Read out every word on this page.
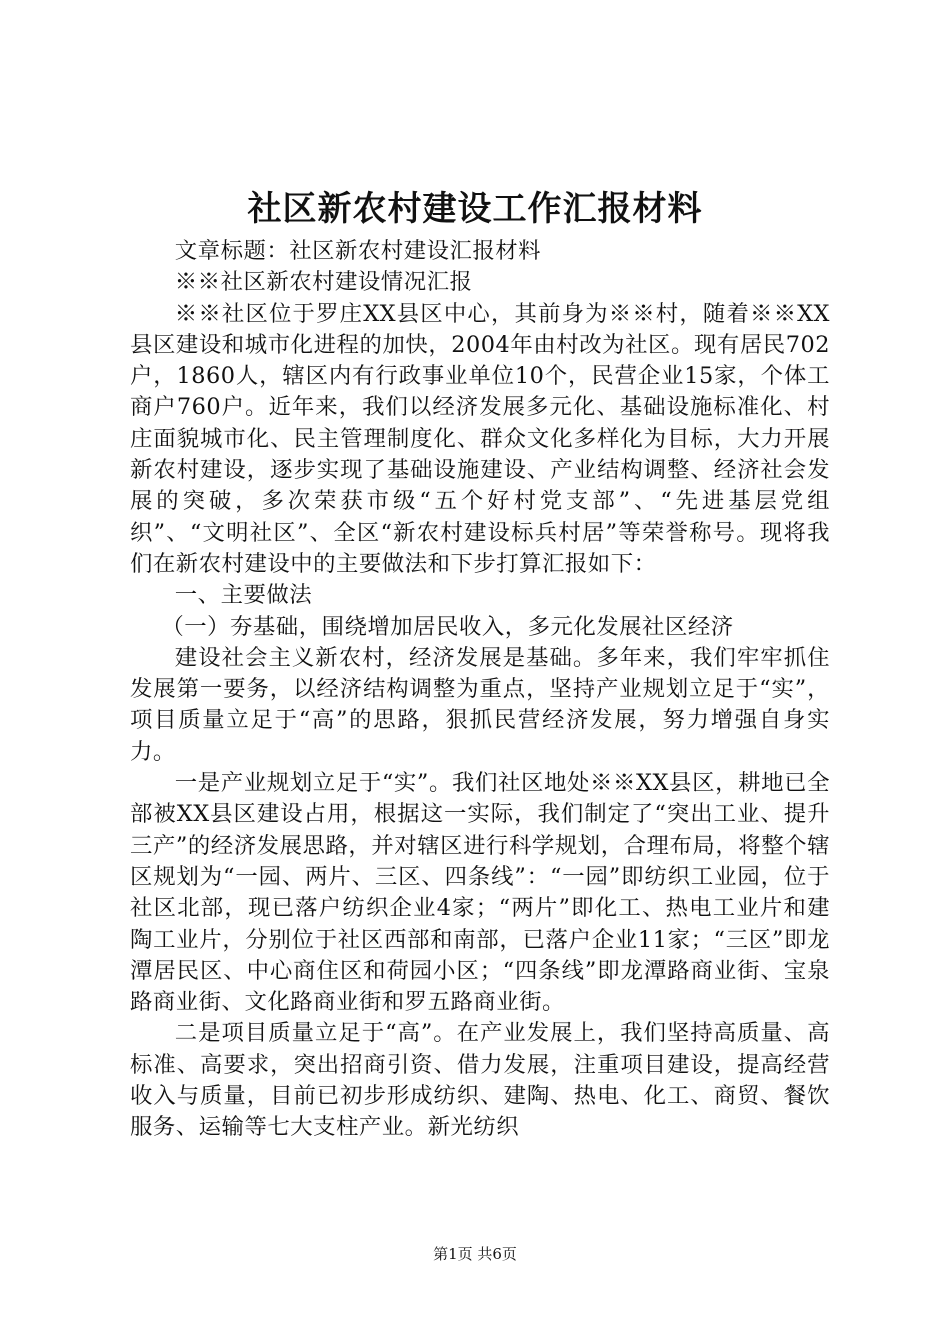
社区新农村建设工作汇报材料

文章标题：社区新农村建设汇报材料

※※社区新农村建设情况汇报

※※社区位于罗庄XX县区中心，其前身为※※村，随着※※XX县区建设和城市化进程的加快，2004年由村改为社区。现有居民702户，1860人，辖区内有行政事业单位10个，民营企业15家，个体工商户760户。近年来，我们以经济发展多元化、基础设施标准化、村庄面貌城市化、民主管理制度化、群众文化多样化为目标，大力开展新农村建设，逐步实现了基础设施建设、产业结构调整、经济社会发展的突破，多次荣获市级“五个好村党支部”、“先进基层党组织”、“文明社区”、全区“新农村建设标兵村居”等荣誉称号。现将我们在新农村建设中的主要做法和下步打算汇报如下：

一、主要做法

（一）夯基础，围绕增加居民收入，多元化发展社区经济

建设社会主义新农村，经济发展是基础。多年来，我们牢牢抓住发展第一要务，以经济结构调整为重点，坚持产业规划立足于“实”，项目质量立足于“高”的思路，狠抓民营经济发展，努力增强自身实力。

一是产业规划立足于“实”。我们社区地处※※XX县区，耕地已全部被XX县区建设占用，根据这一实际，我们制定了“突出工业、提升三产”的经济发展思路，并对辖区进行科学规划，合理布局，将整个辖区规划为“一园、两片、三区、四条线”：“一园”即纺织工业园，位于社区北部，现已落户纺织企业4家；“两片”即化工、热电工业片和建陶工业片，分别位于社区西部和南部，已落户企业11家；“三区”即龙潭居民区、中心商住区和荷园小区；“四条线”即龙潭路商业街、宝泉路商业街、文化路商业街和罗五路商业街。

二是项目质量立足于“高”。在产业发展上，我们坚持高质量、高标准、高要求，突出招商引资、借力发展，注重项目建设，提高经营收入与质量，目前已初步形成纺织、建陶、热电、化工、商贸、餐饮服务、运输等七大支柱产业。新光纺织

第1页 共6页
